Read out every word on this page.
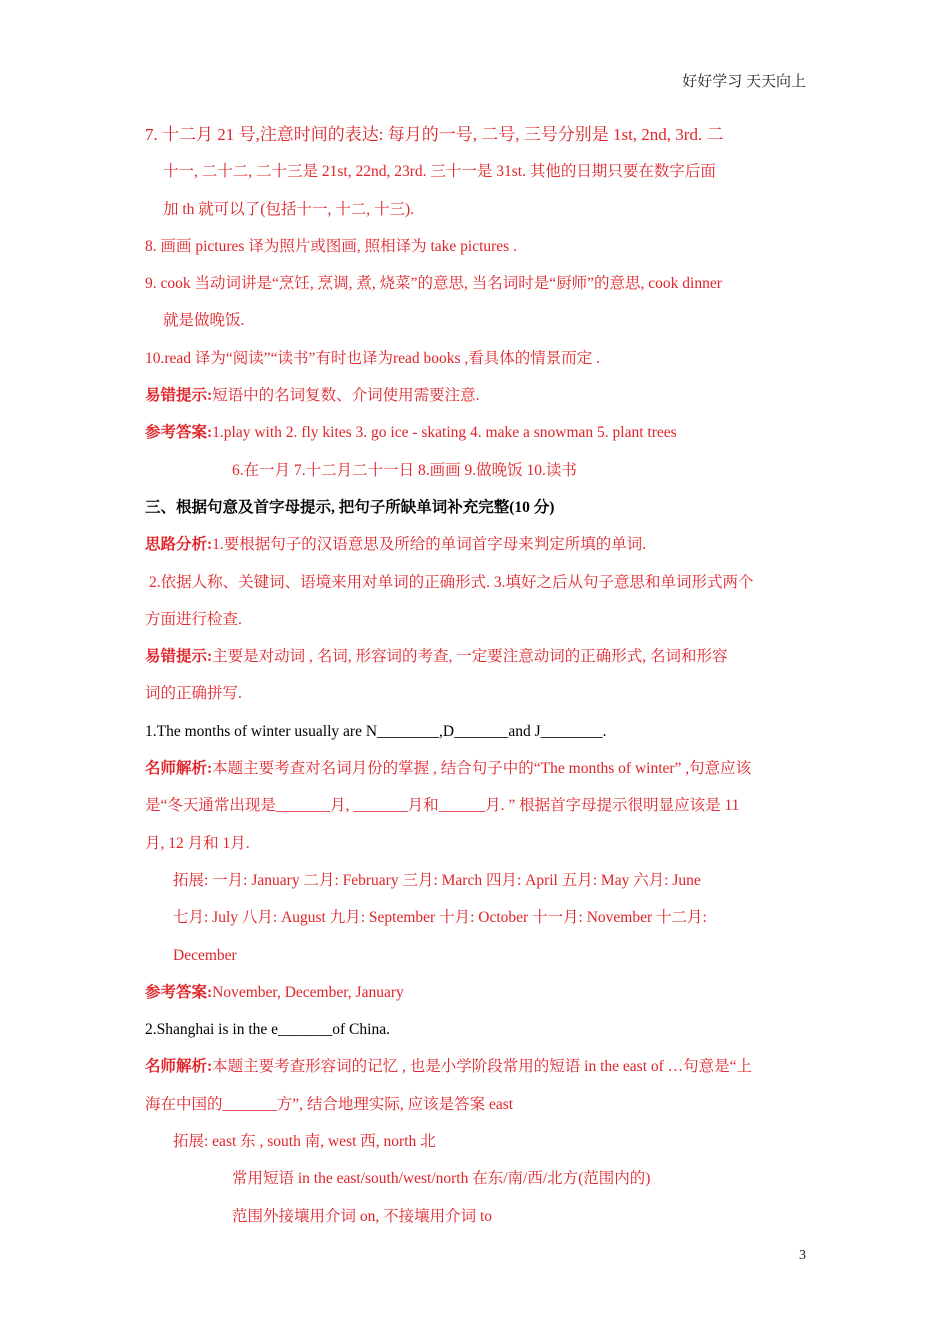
好好学习 天天向上
7. 十二月 21 号,注意时间的表达: 每月的一号, 二号, 三号分别是 1st, 2nd, 3rd. 二
十一, 二十二, 二十三是 21st, 22nd, 23rd. 三十一是 31st. 其他的日期只要在数字后面
加 th 就可以了(包括十一, 十二, 十三).
8. 画画 pictures 译为照片或图画, 照相译为 take pictures .
9. cook 当动词讲是“烹饪, 烹调, 煮, 烧菜”的意思, 当名词时是“厨师”的意思, cook dinner
就是做晚饭.
10.read 译为“阅读”“读书”有时也译为read books ,看具体的情景而定 .
易错提示:短语中的名词复数、介词使用需要注意.
参考答案:1.play with 2. fly kites 3. go ice - skating 4. make a snowman 5. plant trees
6.在一月 7.十二月二十一日 8.画画 9.做晚饭 10.读书
三、根据句意及首字母提示, 把句子所缺单词补充完整(10 分)
思路分析:1.要根据句子的汉语意思及所给的单词首字母来判定所填的单词.
2.依据人称、关键词、语境来用对单词的正确形式. 3.填好之后从句子意思和单词形式两个
方面进行检查.
易错提示:主要是对动词 , 名词, 形容词的考查, 一定要注意动词的正确形式, 名词和形容
词的正确拼写.
1.The months of winter usually are N________,D_______and J________.
名师解析:本题主要考查对名词月份的掌握 , 结合句子中的“The months of winter” ,句意应该
是“冬天通常出现是_______月, _______月和______月. ” 根据首字母提示很明显应该是 11
月, 12 月和 1月.
拓展: 一月: January 二月: February 三月: March 四月: April 五月: May 六月: June
七月: July 八月: August 九月: September 十月: October 十一月: November 十二月:
December
参考答案:November, December, January
2.Shanghai is in the e_______of China.
名师解析:本题主要考查形容词的记忆 , 也是小学阶段常用的短语 in the east of …句意是“上
海在中国的_______方”, 结合地理实际, 应该是答案 east
拓展: east 东 , south 南, west 西, north 北
常用短语 in the east/south/west/north 在东/南/西/北方(范围内的)
范围外接壤用介词 on, 不接壤用介词 to
3
